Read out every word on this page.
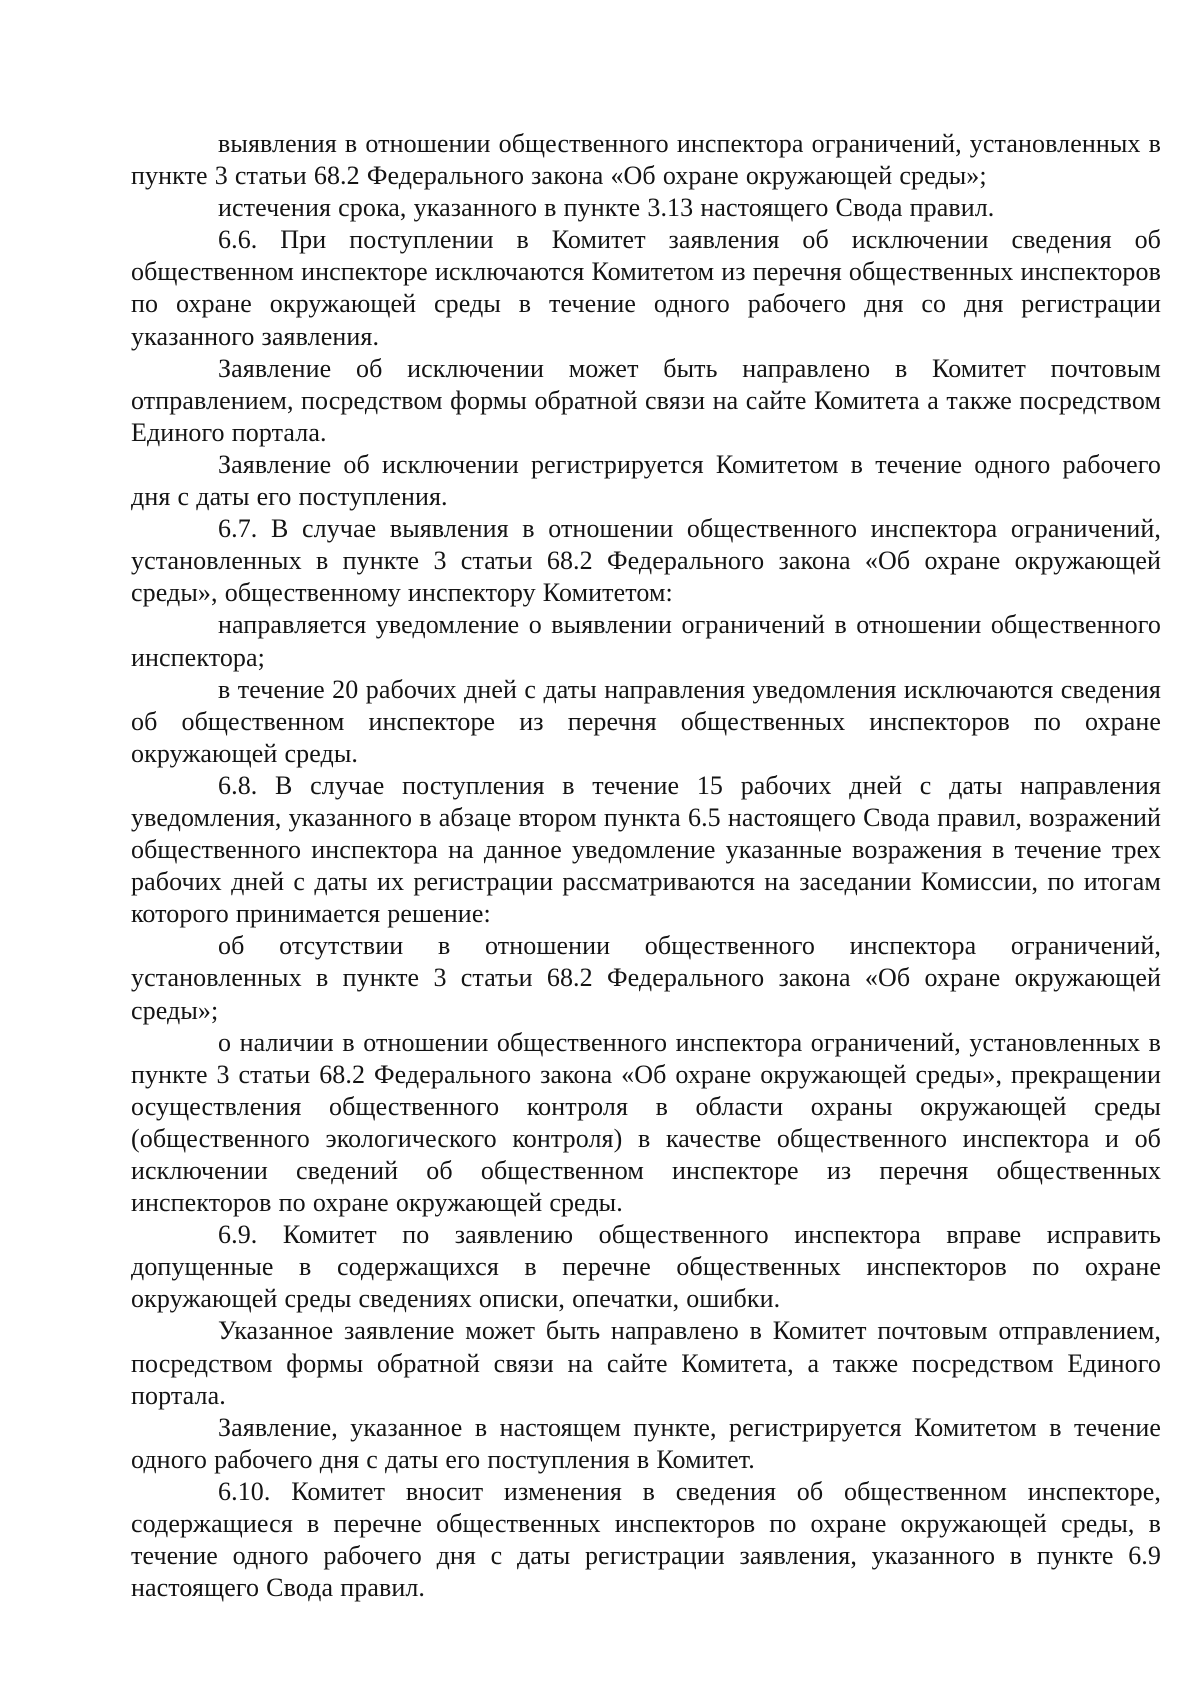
выявления в отношении общественного инспектора ограничений, установленных в пункте 3 статьи 68.2 Федерального закона «Об охране окружающей среды»;

истечения срока, указанного в пункте 3.13 настоящего Свода правил.

6.6. При поступлении в Комитет заявления об исключении сведения об общественном инспекторе исключаются Комитетом из перечня общественных инспекторов по охране окружающей среды в течение одного рабочего дня со дня регистрации указанного заявления.

Заявление об исключении может быть направлено в Комитет почтовым отправлением, посредством формы обратной связи на сайте Комитета а также посредством Единого портала.

Заявление об исключении регистрируется Комитетом в течение одного рабочего дня с даты его поступления.

6.7. В случае выявления в отношении общественного инспектора ограничений, установленных в пункте 3 статьи 68.2 Федерального закона «Об охране окружающей среды», общественному инспектору Комитетом:

направляется уведомление о выявлении ограничений в отношении общественного инспектора;

в течение 20 рабочих дней с даты направления уведомления исключаются сведения об общественном инспекторе из перечня общественных инспекторов по охране окружающей среды.

6.8. В случае поступления в течение 15 рабочих дней с даты направления уведомления, указанного в абзаце втором пункта 6.5 настоящего Свода правил, возражений общественного инспектора на данное уведомление указанные возражения в течение трех рабочих дней с даты их регистрации рассматриваются на заседании Комиссии, по итогам которого принимается решение:

об отсутствии в отношении общественного инспектора ограничений, установленных в пункте 3 статьи 68.2 Федерального закона «Об охране окружающей среды»;

о наличии в отношении общественного инспектора ограничений, установленных в пункте 3 статьи 68.2 Федерального закона «Об охране окружающей среды», прекращении осуществления общественного контроля в области охраны окружающей среды (общественного экологического контроля) в качестве общественного инспектора и об исключении сведений об общественном инспекторе из перечня общественных инспекторов по охране окружающей среды.

6.9. Комитет по заявлению общественного инспектора вправе исправить допущенные в содержащихся в перечне общественных инспекторов по охране окружающей среды сведениях описки, опечатки, ошибки.

Указанное заявление может быть направлено в Комитет почтовым отправлением, посредством формы обратной связи на сайте Комитета, а также посредством Единого портала.

Заявление, указанное в настоящем пункте, регистрируется Комитетом в течение одного рабочего дня с даты его поступления в Комитет.

6.10. Комитет вносит изменения в сведения об общественном инспекторе, содержащиеся в перечне общественных инспекторов по охране окружающей среды, в течение одного рабочего дня с даты регистрации заявления, указанного в пункте 6.9 настоящего Свода правил.
